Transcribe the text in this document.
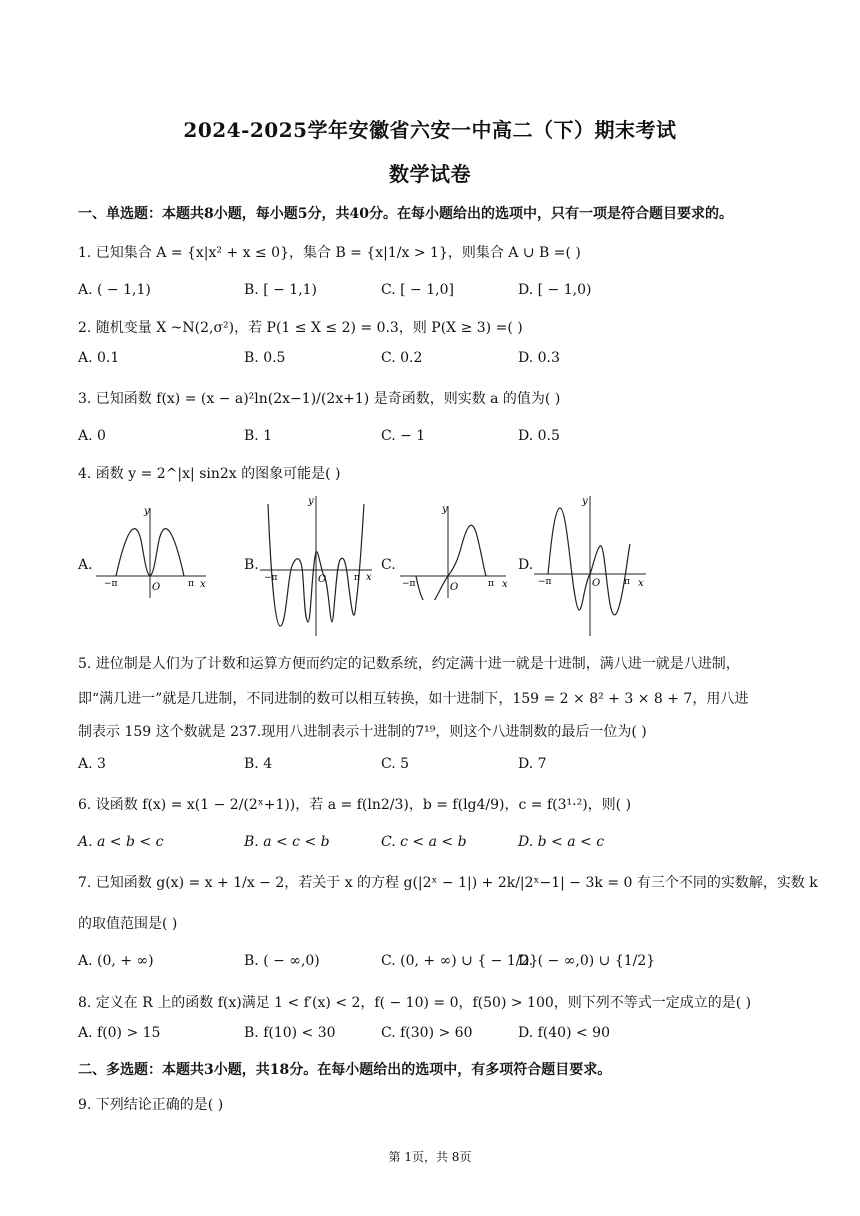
2024-2025学年安徽省六安一中高二（下）期末考试
数学试卷
一、单选题：本题共8小题，每小题5分，共40分。在每小题给出的选项中，只有一项是符合题目要求的。
1. 已知集合 A = {x|x² + x ≤ 0}，集合 B = {x|1/x > 1}，则集合 A ∪ B =( )
A. ( − 1,1)	B. [ − 1,1)	C. [ − 1,0]	D. [ − 1,0)
2. 随机变量 X ~N(2,σ²)，若 P(1 ≤ X ≤ 2) = 0.3，则 P(X ≥ 3) =( )
A. 0.1	B. 0.5	C. 0.2	D. 0.3
3. 已知函数 f(x) = (x − a)²ln(2x−1)/(2x+1) 是奇函数，则实数 a 的值为( )
A. 0	B. 1	C. − 1	D. 0.5
4. 函数 y = 2^|x| sin2x 的图象可能是( )
A.	B.	C.	D.
y
x
O
−π	π
y
x
O
−π	π
y
x
O
−π	π
y
x
O
−π	π
5. 进位制是人们为了计数和运算方便而约定的记数系统，约定满十进一就是十进制，满八进一就是八进制，
即“满几进一”就是几进制，不同进制的数可以相互转换，如十进制下，159 = 2 × 8² + 3 × 8 + 7，用八进
制表示 159 这个数就是 237.现用八进制表示十进制的7¹⁹，则这个八进制数的最后一位为( )
A. 3	B. 4	C. 5	D. 7
6. 设函数 f(x) = x(1 − 2/(2ˣ+1))，若 a = f(ln2/3)，b = f(lg4/9)，c = f(3¹·²)，则( )
A. a < b < c	B. a < c < b	C. c < a < b	D. b < a < c
7. 已知函数 g(x) = x + 1/x − 2，若关于 x 的方程 g(|2ˣ − 1|) + 2k/|2ˣ−1| − 3k = 0 有三个不同的实数解，实数 k
的取值范围是( )
A. (0, + ∞)	B. ( − ∞,0)	C. (0, + ∞) ∪ { − 1/2}
D. ( − ∞,0) ∪ {1/2}
8. 定义在 R 上的函数 f(x)满足 1 < f′(x) < 2，f( − 10) = 0，f(50) > 100，则下列不等式一定成立的是( )
A. f(0) > 15	B. f(10) < 30	C. f(30) > 60	D. f(40) < 90
二、多选题：本题共3小题，共18分。在每小题给出的选项中，有多项符合题目要求。
9. 下列结论正确的是( )
第 1页，共 8页
